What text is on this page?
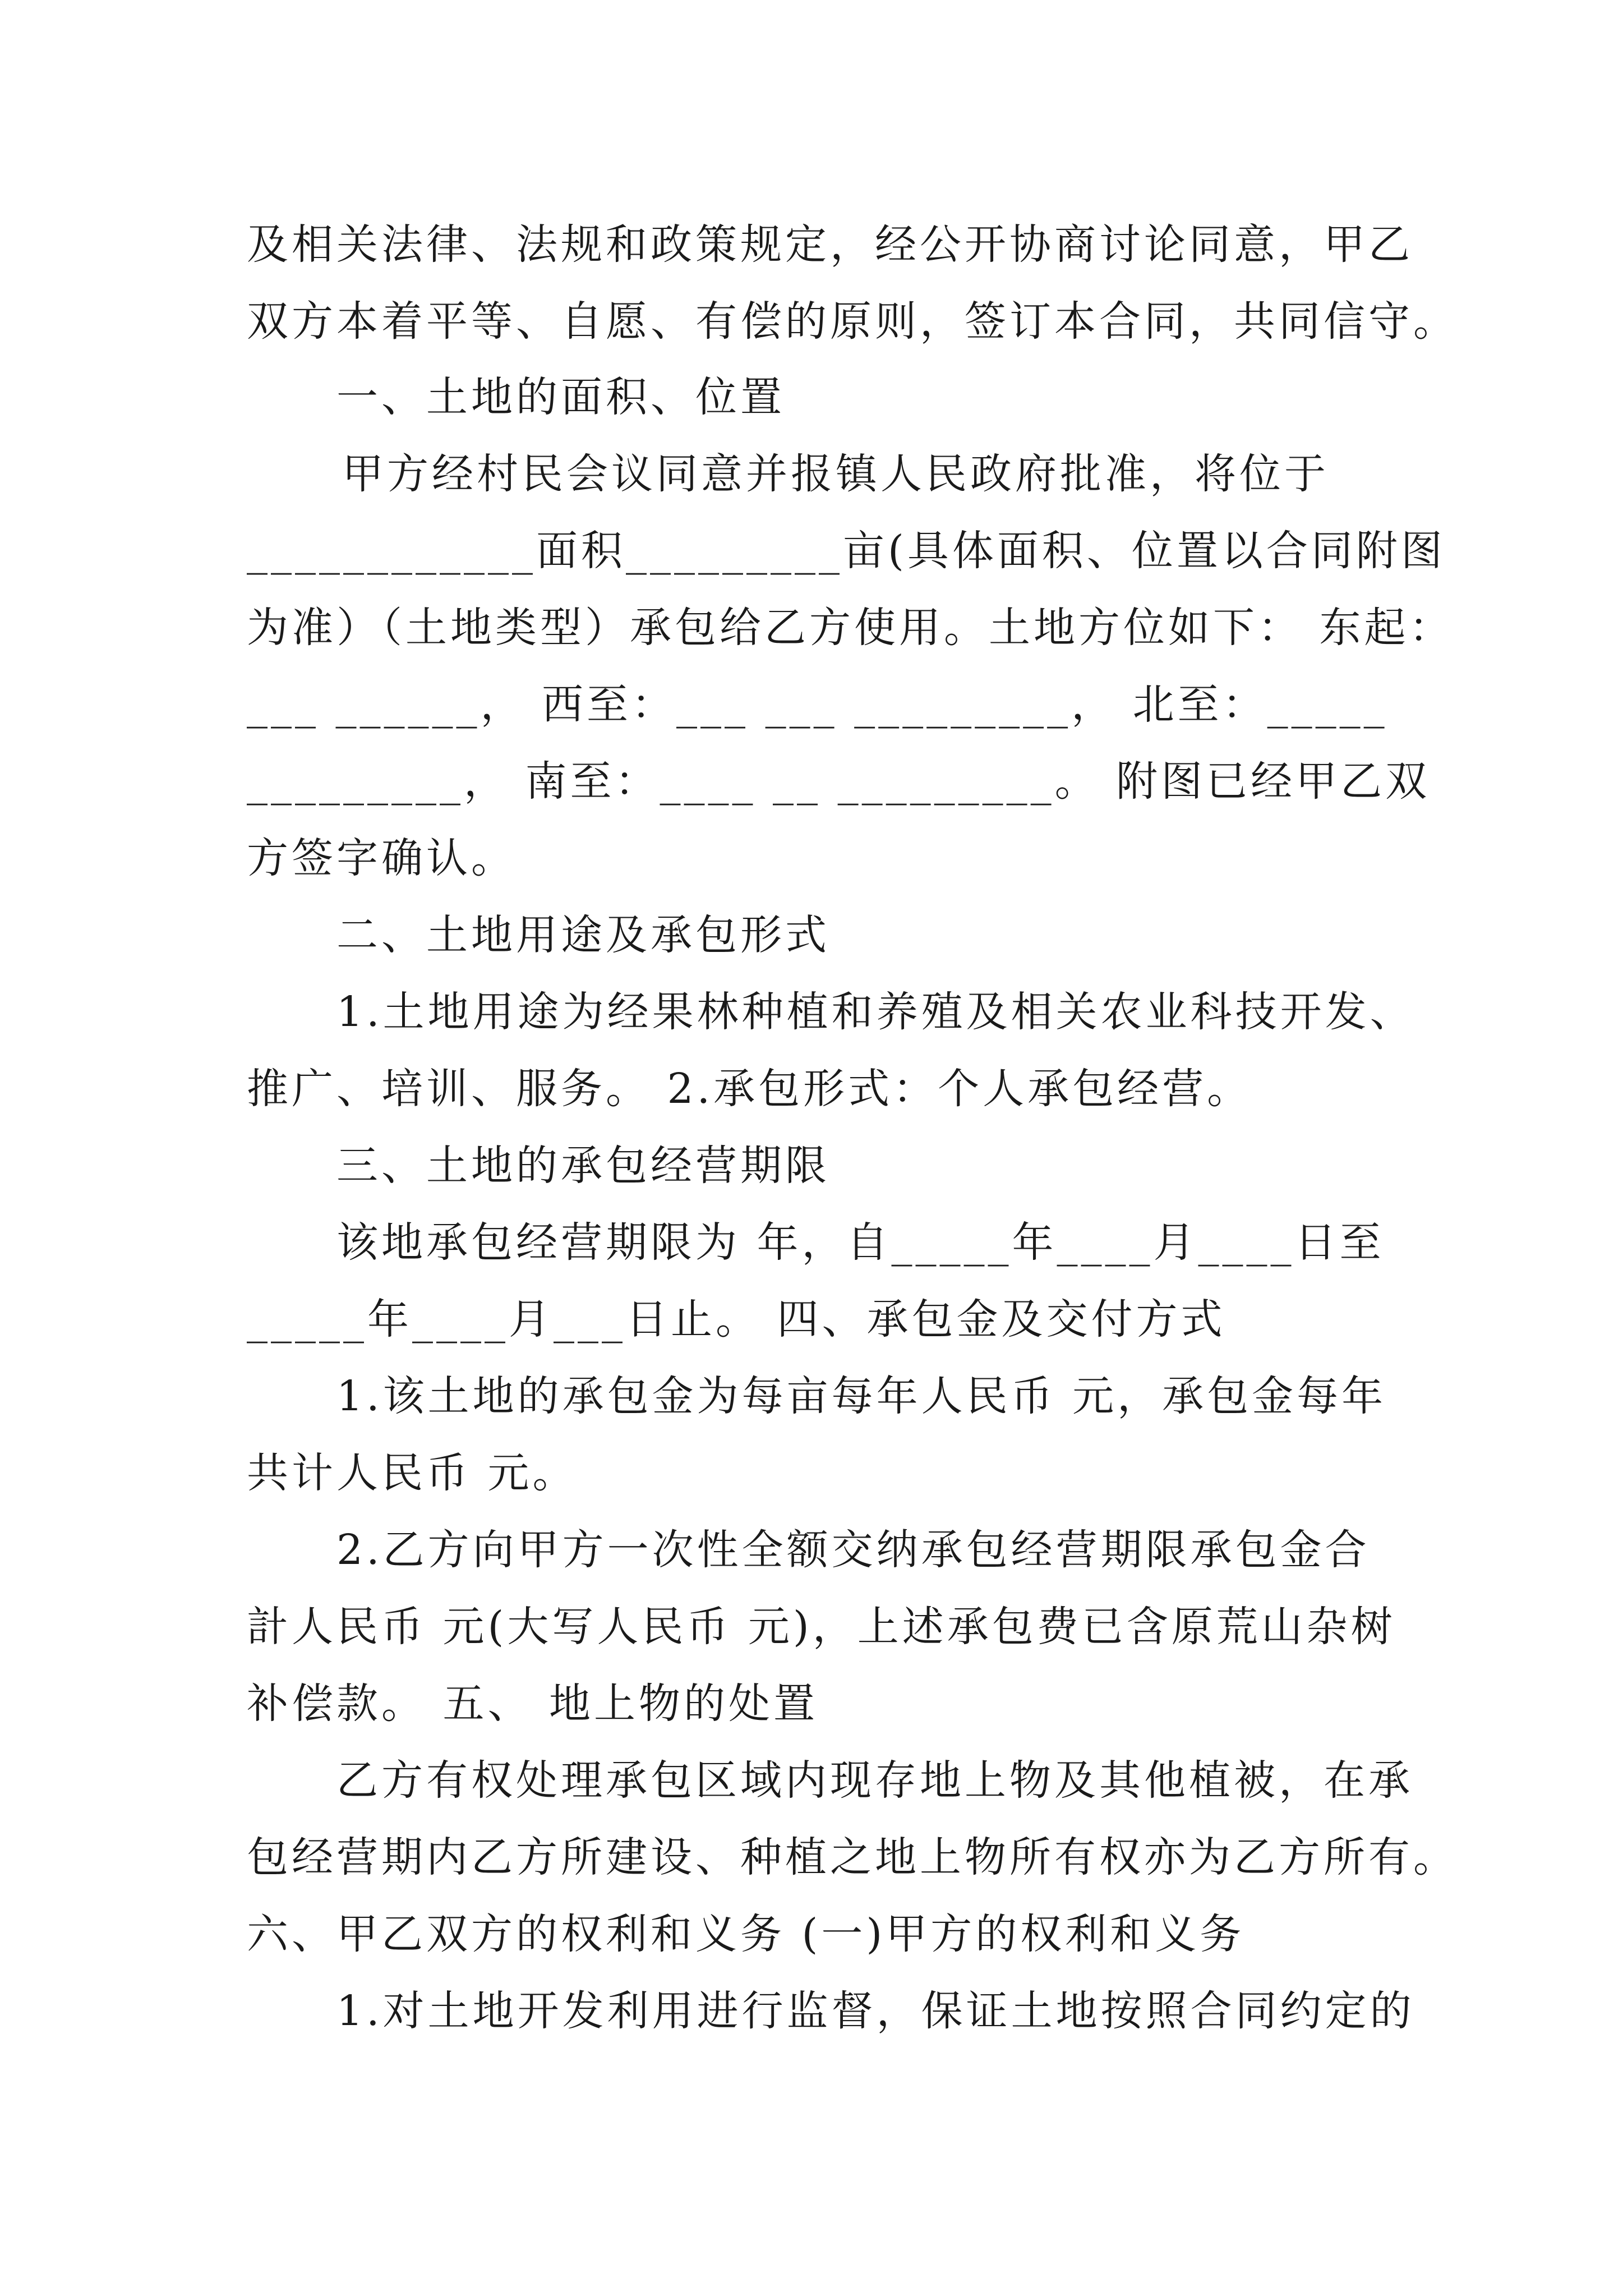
及相关法律、法规和政策规定，经公开协商讨论同意，甲乙
双方本着平等、自愿、有偿的原则，签订本合同，共同信守。
一、土地的面积、位置
甲方经村民会议同意并报镇人民政府批准，将位于
____________面积_________亩(具体面积、位置以合同附图
为准）（土地类型）承包给乙方使用。土地方位如下： 东起：
___ ______， 西至：___ ___ _________， 北至：_____
_________， 南至：____ __ _________。 附图已经甲乙双
方签字确认。
二、土地用途及承包形式
1.土地用途为经果林种植和养殖及相关农业科技开发、
推广、培训、服务。 2.承包形式：个人承包经营。
三、土地的承包经营期限
该地承包经营期限为 年，自_____年____月____日至
_____年____月___日止。 四、承包金及交付方式
1.该土地的承包金为每亩每年人民币 元，承包金每年
共计人民币 元。
2.乙方向甲方一次性全额交纳承包经营期限承包金合
計人民币 元(大写人民币 元)，上述承包费已含原荒山杂树
补偿款。 五、 地上物的处置
乙方有权处理承包区域内现存地上物及其他植被，在承
包经营期内乙方所建设、种植之地上物所有权亦为乙方所有。
六、甲乙双方的权利和义务 (一)甲方的权利和义务
1.对土地开发利用进行监督，保证土地按照合同约定的
